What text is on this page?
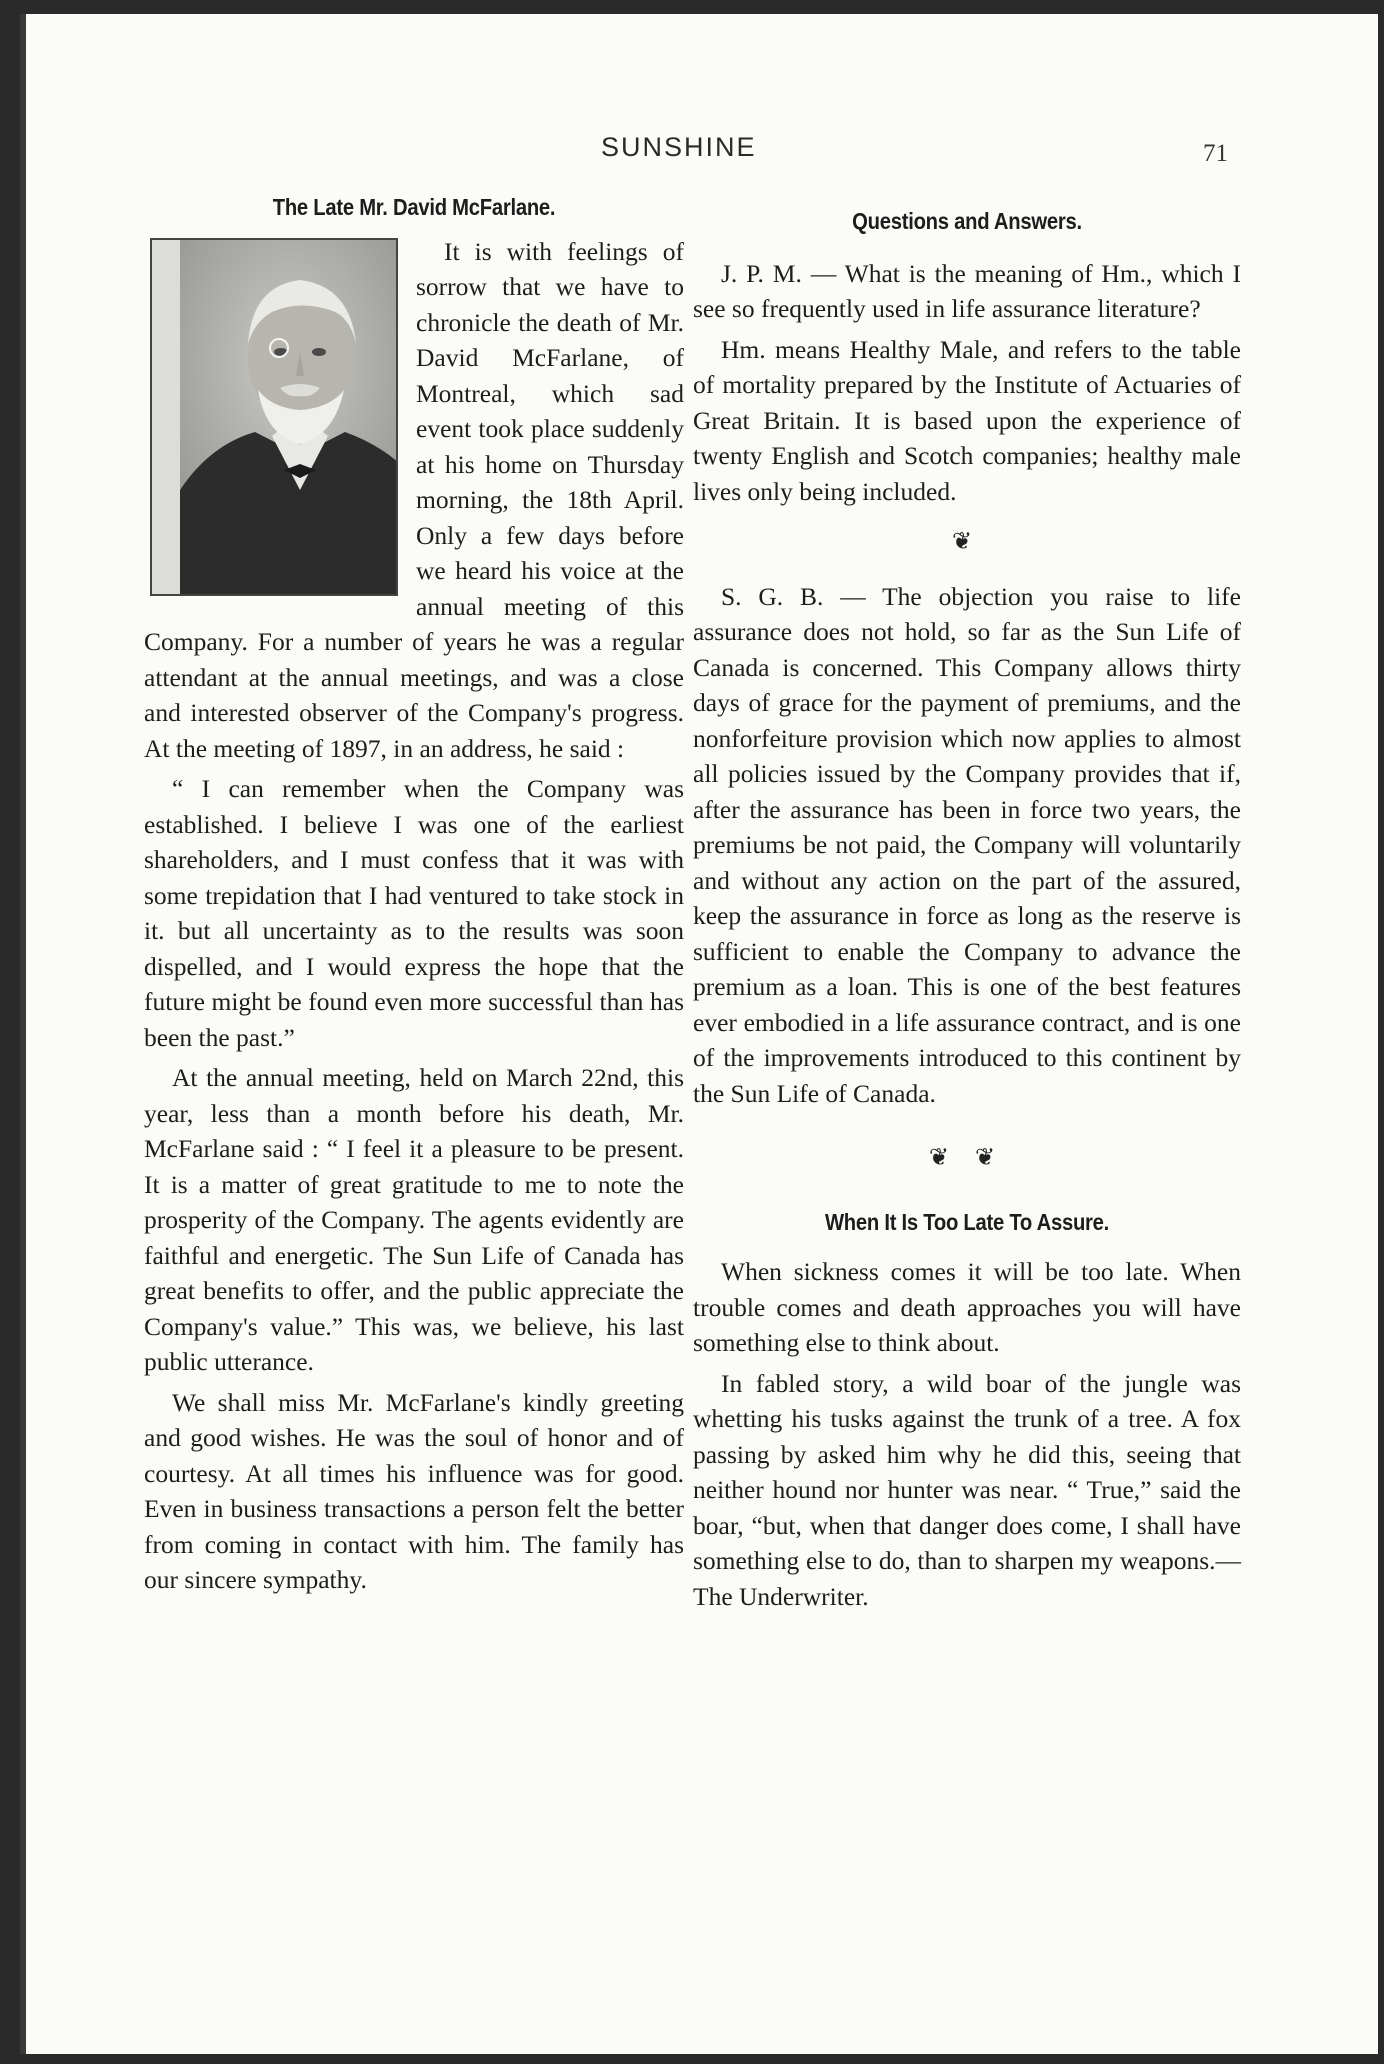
SUNSHINE	71
The Late Mr. David McFarlane.

It is with feelings of sorrow that we have to chronicle the death of Mr. David McFarlane, of Montreal, which sad event took place suddenly at his home on Thursday morning, the 18th April. Only a few days before we heard his voice at the annual meeting of this Company. For a number of years he was a regular attendant at the annual meetings, and was a close and interested observer of the Company's progress. At the meeting of 1897, in an address, he said :

“ I can remember when the Company was established. I believe I was one of the earliest shareholders, and I must confess that it was with some trepidation that I had ventured to take stock in it. but all uncertainty as to the results was soon dispelled, and I would express the hope that the future might be found even more successful than has been the past.”

At the annual meeting, held on March 22nd, this year, less than a month before his death, Mr. McFarlane said : “ I feel it a pleasure to be present. It is a matter of great gratitude to me to note the prosperity of the Company. The agents evidently are faithful and energetic. The Sun Life of Canada has great benefits to offer, and the public appreciate the Company's value.” This was, we believe, his last public utterance.

We shall miss Mr. McFarlane's kindly greeting and good wishes. He was the soul of honor and of courtesy. At all times his influence was for good. Even in business transactions a person felt the better from coming in contact with him. The family has our sincere sympathy.

Questions and Answers.

J. P. M. — What is the meaning of Hm., which I see so frequently used in life assurance literature?

Hm. means Healthy Male, and refers to the table of mortality prepared by the Institute of Actuaries of Great Britain. It is based upon the experience of twenty English and Scotch companies; healthy male lives only being included.

❦

S. G. B. — The objection you raise to life assurance does not hold, so far as the Sun Life of Canada is concerned. This Company allows thirty days of grace for the payment of premiums, and the nonforfeiture provision which now applies to almost all policies issued by the Company provides that if, after the assurance has been in force two years, the premiums be not paid, the Company will voluntarily and without any action on the part of the assured, keep the assurance in force as long as the reserve is sufficient to enable the Company to advance the premium as a loan. This is one of the best features ever embodied in a life assurance contract, and is one of the improvements introduced to this continent by the Sun Life of Canada.

❦ ❦
When It Is Too Late To Assure.

When sickness comes it will be too late. When trouble comes and death approaches you will have something else to think about.

In fabled story, a wild boar of the jungle was whetting his tusks against the trunk of a tree. A fox passing by asked him why he did this, seeing that neither hound nor hunter was near. “ True,” said the boar, “but, when that danger does come, I shall have something else to do, than to sharpen my weapons.—The Underwriter.
